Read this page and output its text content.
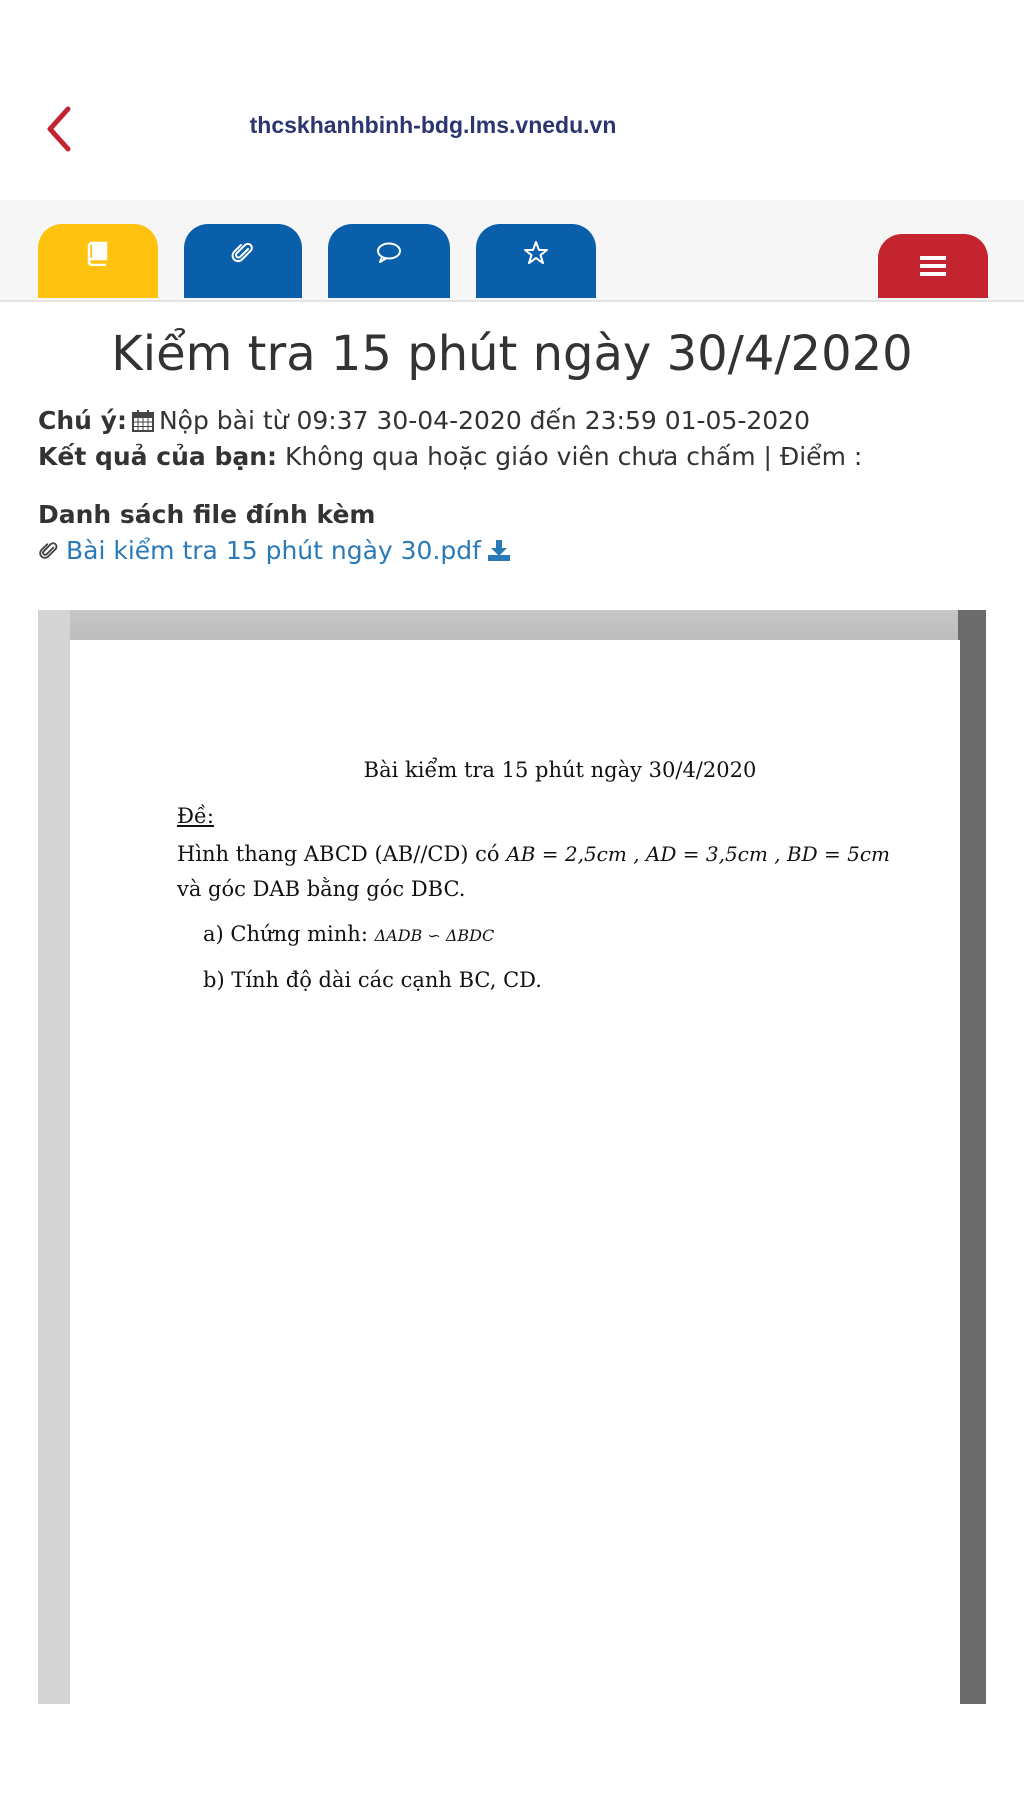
thcskhanhbinh-bdg.lms.vnedu.vn
Kiểm tra 15 phút ngày 30/4/2020
Chú ý: Nộp bài từ 09:37 30-04-2020 đến 23:59 01-05-2020
Kết quả của bạn: Không qua hoặc giáo viên chưa chấm | Điểm :
Danh sách file đính kèm
Bài kiểm tra 15 phút ngày 30.pdf
Bài kiểm tra 15 phút ngày 30/4/2020
Đề:
Hình thang ABCD (AB//CD) có AB = 2,5cm , AD = 3,5cm , BD = 5cm
và góc DAB bằng góc DBC.
a) Chứng minh: ΔADB ∽ ΔBDC
b) Tính độ dài các cạnh BC, CD.
